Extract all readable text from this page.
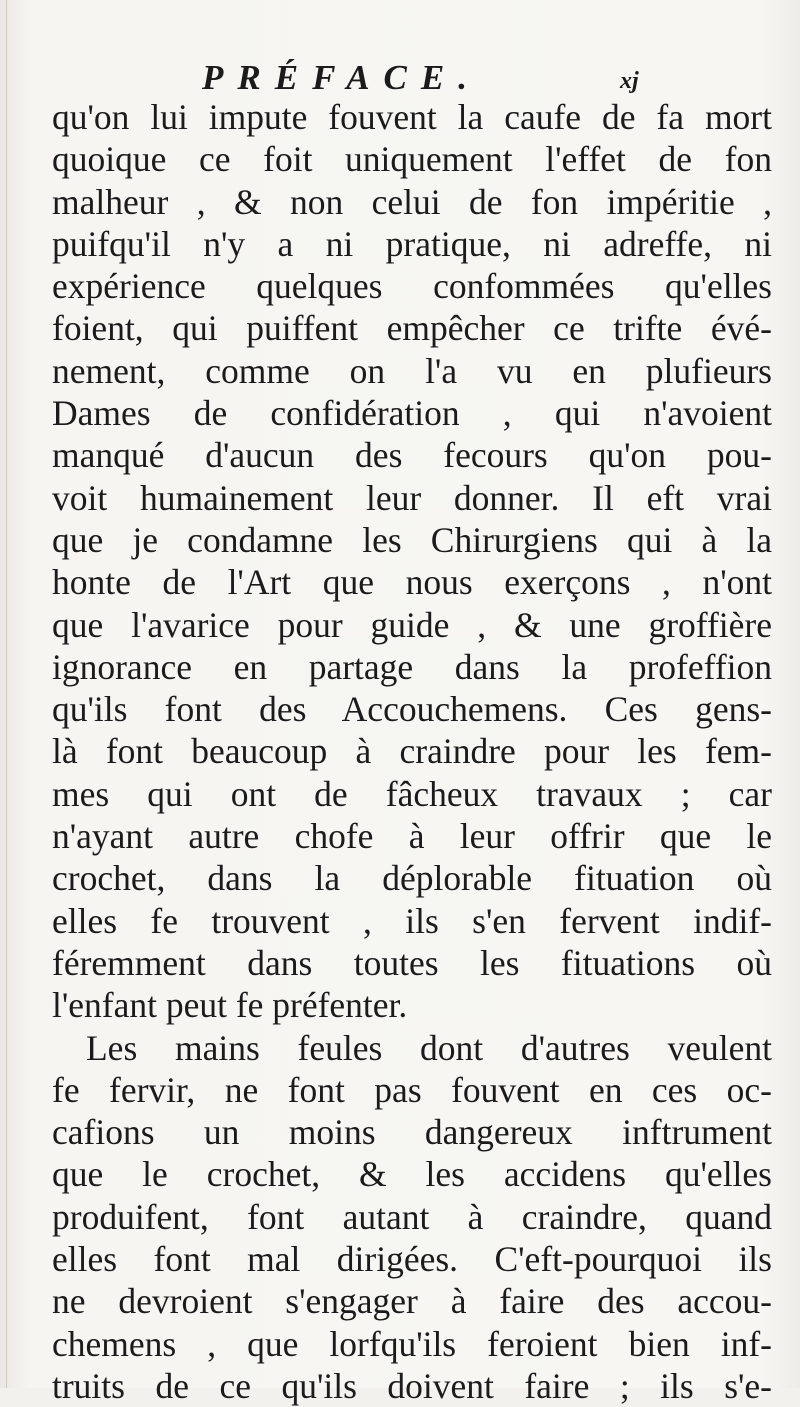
PRÉFACE.	xj
qu'on lui impute fouvent la caufe de fa mort
quoique ce foit uniquement l'effet de fon
malheur , & non celui de fon impéritie ,
puifqu'il n'y a ni pratique, ni adreffe, ni
expérience quelques confommées qu'elles
foient, qui puiffent empêcher ce trifte évé-
nement, comme on l'a vu en plufieurs
Dames de confidération , qui n'avoient
manqué d'aucun des fecours qu'on pou-
voit humainement leur donner. Il eft vrai
que je condamne les Chirurgiens qui à la
honte de l'Art que nous exerçons , n'ont
que l'avarice pour guide , & une groffière
ignorance en partage dans la profeffion
qu'ils font des Accouchemens. Ces gens-
là font beaucoup à craindre pour les fem-
mes qui ont de fâcheux travaux ; car
n'ayant autre chofe à leur offrir que le
crochet, dans la déplorable fituation où
elles fe trouvent , ils s'en fervent indif-
féremment dans toutes les fituations où
l'enfant peut fe préfenter.
Les mains feules dont d'autres veulent
fe fervir, ne font pas fouvent en ces oc-
cafions un moins dangereux inftrument
que le crochet, & les accidens qu'elles
produifent, font autant à craindre, quand
elles font mal dirigées. C'eft-pourquoi ils
ne devroient s'engager à faire des accou-
chemens , que lorfqu'ils feroient bien inf-
truits de ce qu'ils doivent faire ; ils s'e-
